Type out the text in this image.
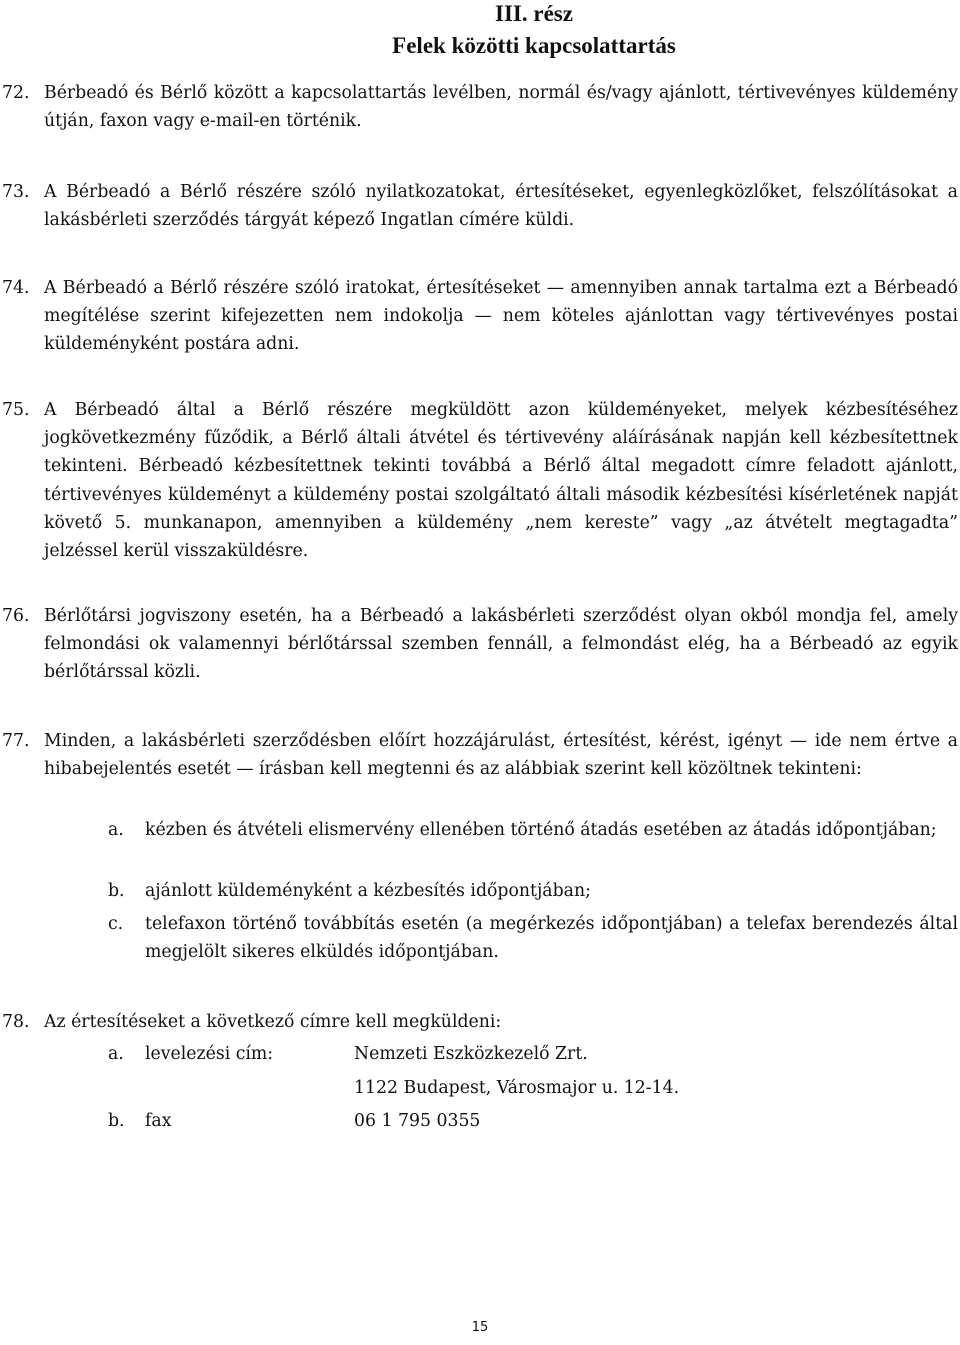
III. rész
Felek közötti kapcsolattartás
72. Bérbeadó és Bérlő között a kapcsolattartás levélben, normál és/vagy ajánlott, tértivevényes küldemény útján, faxon vagy e-mail-en történik.
73. A Bérbeadó a Bérlő részére szóló nyilatkozatokat, értesítéseket, egyenlegközlőket, felszólításokat a lakásbérleti szerződés tárgyát képező Ingatlan címére küldi.
74. A Bérbeadó a Bérlő részére szóló iratokat, értesítéseket — amennyiben annak tartalma ezt a Bérbeadó megítélése szerint kifejezetten nem indokolja — nem köteles ajánlottan vagy tértivevényes postai küldeményként postára adni.
75. A Bérbeadó által a Bérlő részére megküldött azon küldeményeket, melyek kézbesítéséhez jogkövetkezmény fűződik, a Bérlő általi átvétel és tértivevény aláírásának napján kell kézbesítettnek tekinteni. Bérbeadó kézbesítettnek tekinti továbbá a Bérlő által megadott címre feladott ajánlott, tértivevényes küldeményt a küldemény postai szolgáltató általi második kézbesítési kísérletének napját követő 5. munkanapon, amennyiben a küldemény „nem kereste” vagy „az átvételt megtagadta” jelzéssel kerül visszaküldésre.
76. Bérlőtársi jogviszony esetén, ha a Bérbeadó a lakásbérleti szerződést olyan okból mondja fel, amely felmondási ok valamennyi bérlőtárssal szemben fennáll, a felmondást elég, ha a Bérbeadó az egyik bérlőtárssal közli.
77. Minden, a lakásbérleti szerződésben előírt hozzájárulást, értesítést, kérést, igényt — ide nem értve a hibabejelentés esetét — írásban kell megtenni és az alábbiak szerint kell közöltnek tekinteni:
a. kézben és átvételi elismervény ellenében történő átadás esetében az átadás időpontjában;
b. ajánlott küldeményként a kézbesítés időpontjában;
c. telefaxon történő továbbítás esetén (a megérkezés időpontjában) a telefax berendezés által megjelölt sikeres elküldés időpontjában.
78. Az értesítéseket a következő címre kell megküldeni:
a. levelezési cím:	Nemzeti Eszközkezelő Zrt.
1122 Budapest, Városmajor u. 12-14.
b. fax	06 1 795 0355
15
